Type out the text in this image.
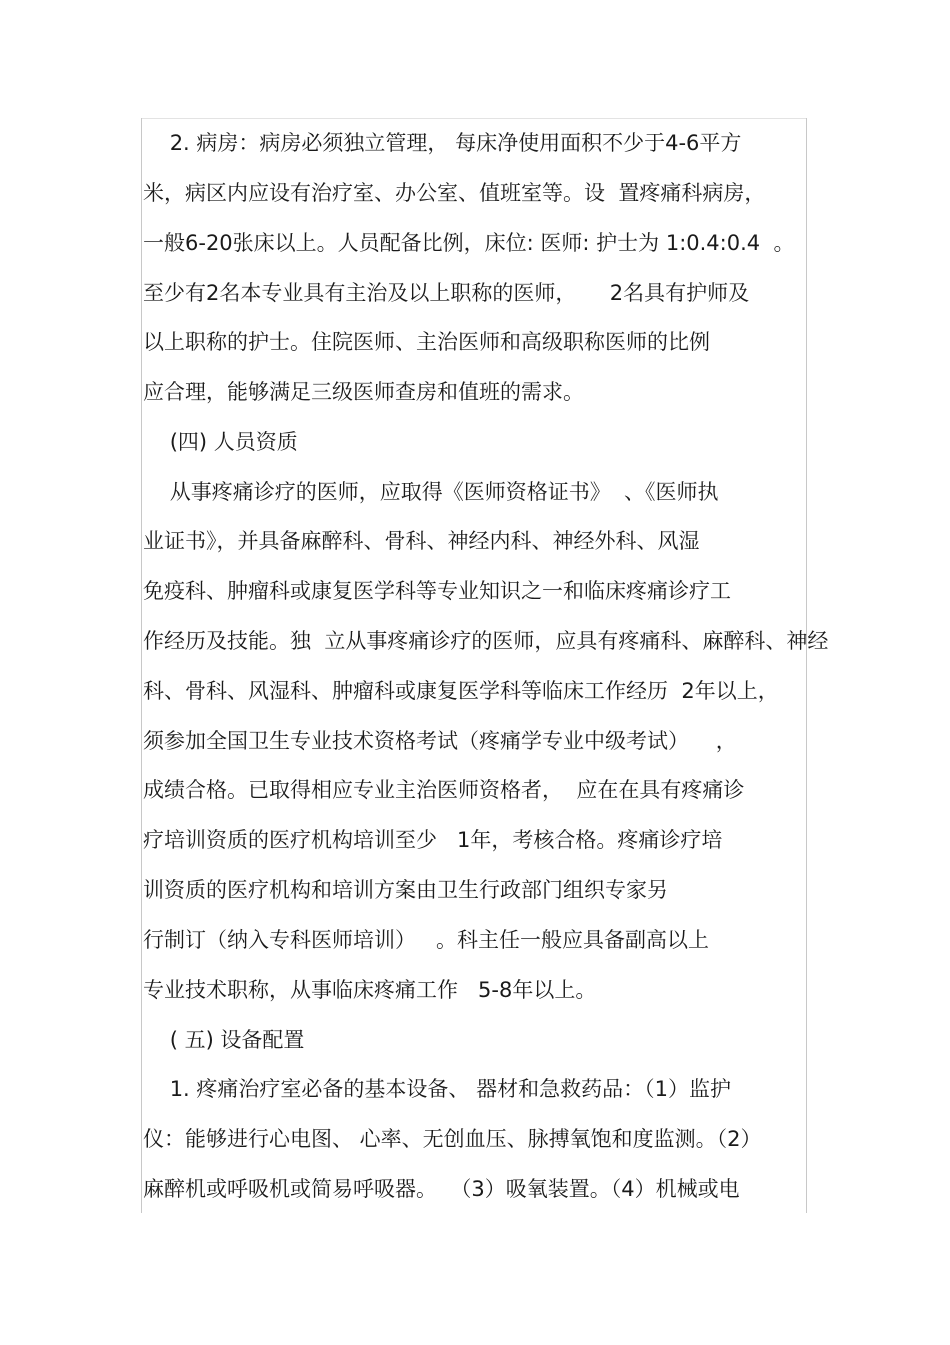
2. 病房：病房必须独立管理， 每床净使用面积不少于4-6平方
米，病区内应设有治疗室、办公室、值班室等。设  置疼痛科病房，
一般6-20张床以上。人员配备比例，床位: 医师: 护士为 1:0.4:0.4  。
至少有2名本专业具有主治及以上职称的医师，     2名具有护师及
以上职称的护士。住院医师、主治医师和高级职称医师的比例
应合理，能够满足三级医师查房和值班的需求。
(四) 人员资质
从事疼痛诊疗的医师，应取得《医师资格证书》  、《医师执
业证书》，并具备麻醉科、骨科、神经内科、神经外科、风湿
免疫科、肿瘤科或康复医学科等专业知识之一和临床疼痛诊疗工
作经历及技能。独  立从事疼痛诊疗的医师，应具有疼痛科、麻醉科、神经
科、骨科、风湿科、肿瘤科或康复医学科等临床工作经历  2年以上，
须参加全国卫生专业技术资格考试（疼痛学专业中级考试）    ，
成绩合格。已取得相应专业主治医师资格者，  应在在具有疼痛诊
疗培训资质的医疗机构培训至少   1年，考核合格。疼痛诊疗培
训资质的医疗机构和培训方案由卫生行政部门组织专家另
行制订（纳入专科医师培训）   。科主任一般应具备副高以上
专业技术职称，从事临床疼痛工作   5-8年以上。
( 五) 设备配置
1. 疼痛治疗室必备的基本设备、 器材和急救药品：（1）监护
仪：能够进行心电图、 心率、无创血压、脉搏氧饱和度监测。（2）
麻醉机或呼吸机或简易呼吸器。  （3）吸氧装置。（4）机械或电
